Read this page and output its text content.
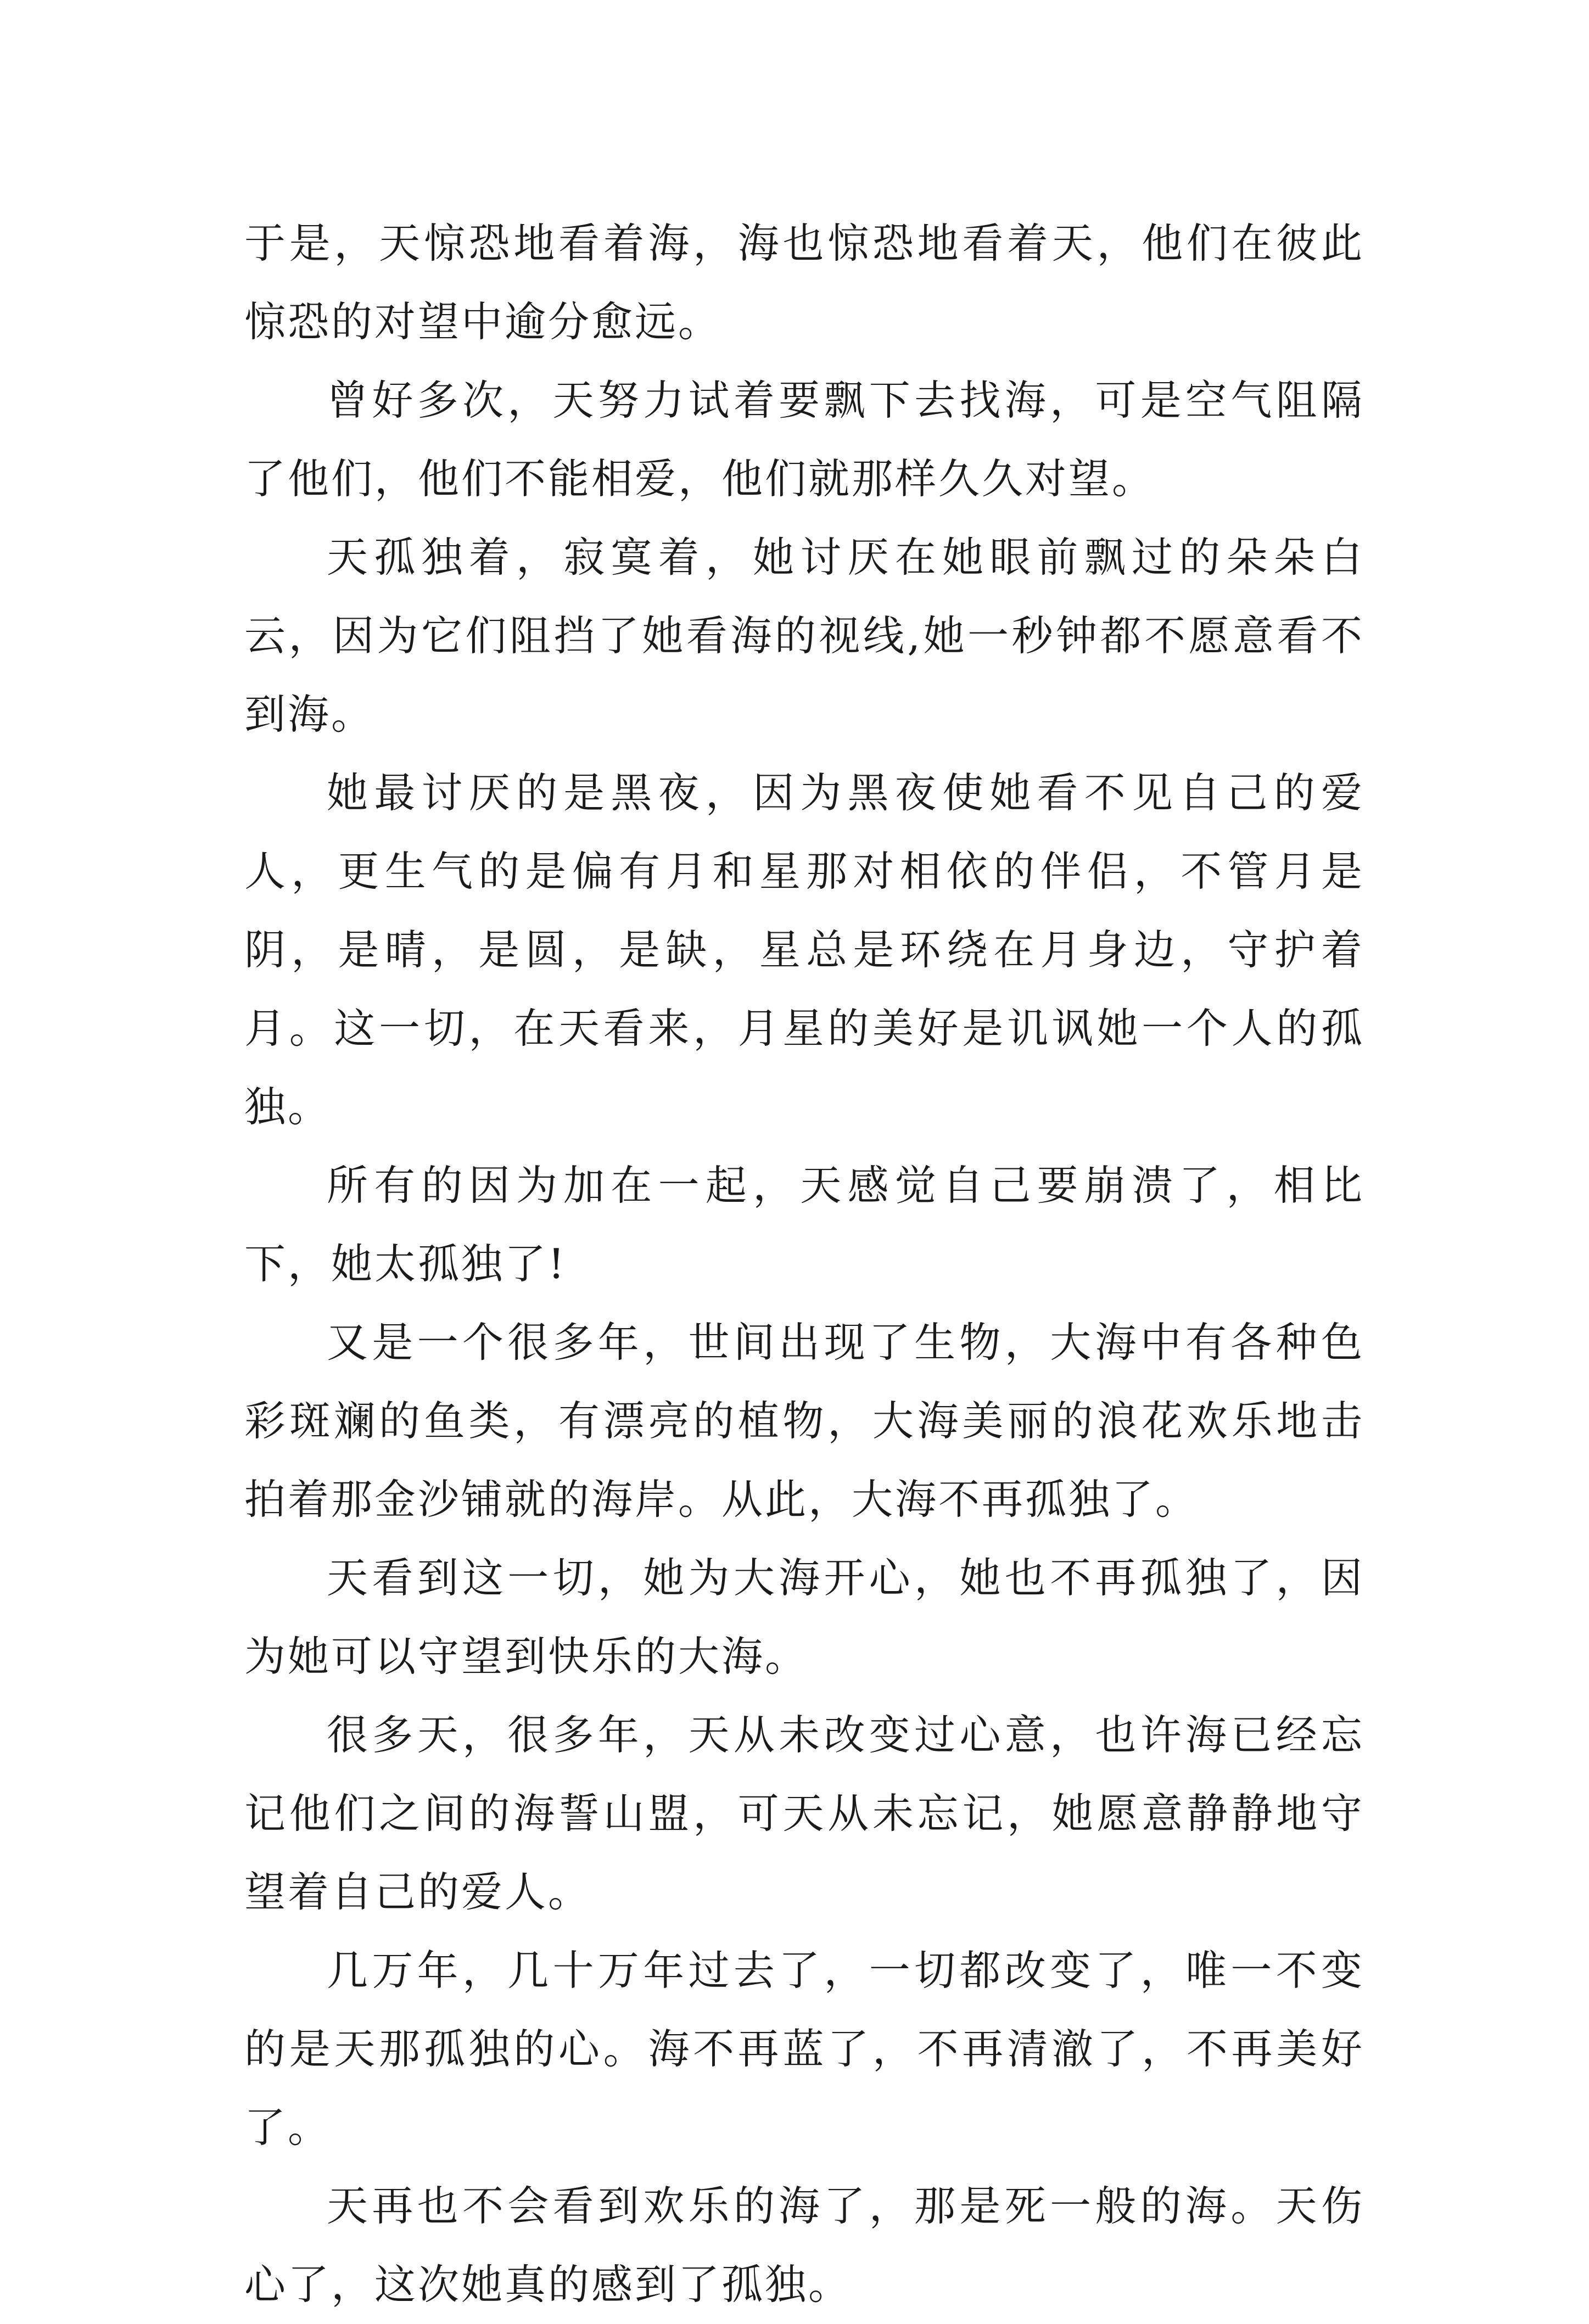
于是，天惊恐地看着海，海也惊恐地看着天，他们在彼此惊恐的对望中逾分愈远。

曾好多次，天努力试着要飘下去找海，可是空气阻隔了他们，他们不能相爱，他们就那样久久对望。

天孤独着，寂寞着，她讨厌在她眼前飘过的朵朵白云，因为它们阻挡了她看海的视线,她一秒钟都不愿意看不到海。

她最讨厌的是黑夜，因为黑夜使她看不见自己的爱人，更生气的是偏有月和星那对相依的伴侣，不管月是阴，是晴，是圆，是缺，星总是环绕在月身边，守护着月。这一切，在天看来，月星的美好是讥讽她一个人的孤独。

所有的因为加在一起，天感觉自己要崩溃了，相比下，她太孤独了!

又是一个很多年，世间出现了生物，大海中有各种色彩斑斓的鱼类，有漂亮的植物，大海美丽的浪花欢乐地击拍着那金沙铺就的海岸。从此，大海不再孤独了。

天看到这一切，她为大海开心，她也不再孤独了，因为她可以守望到快乐的大海。

很多天，很多年，天从未改变过心意，也许海已经忘记他们之间的海誓山盟，可天从未忘记，她愿意静静地守望着自己的爱人。

几万年，几十万年过去了，一切都改变了，唯一不变的是天那孤独的心。海不再蓝了，不再清澈了，不再美好了。

天再也不会看到欢乐的海了，那是死一般的海。天伤心了，这次她真的感到了孤独。
